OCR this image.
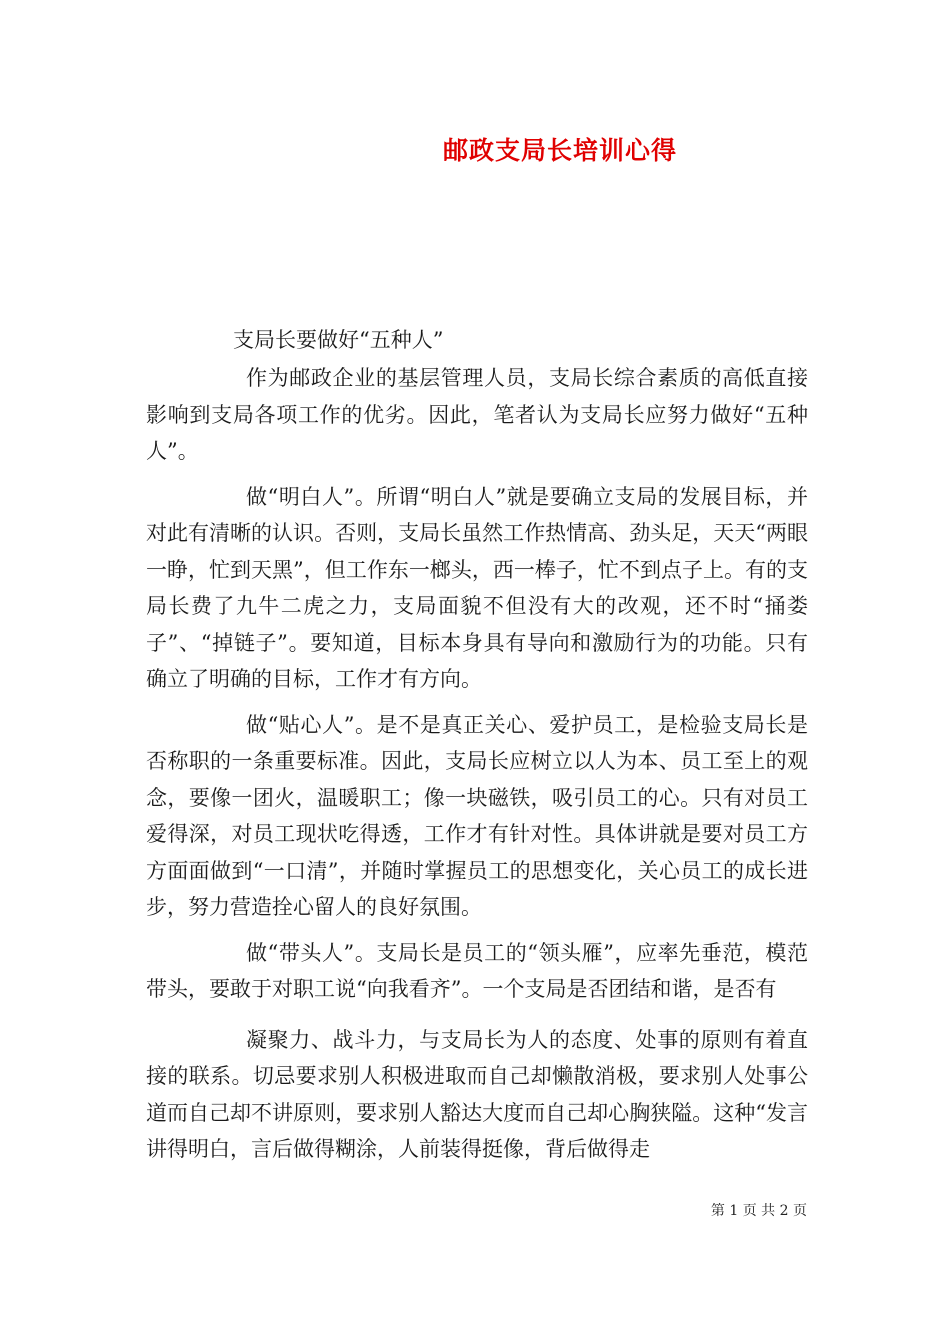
邮政支局长培训心得
支局长要做好“五种人”

作为邮政企业的基层管理人员，支局长综合素质的高低直接影响到支局各项工作的优劣。因此，笔者认为支局长应努力做好“五种人”。

做“明白人”。所谓“明白人”就是要确立支局的发展目标，并对此有清晰的认识。否则，支局长虽然工作热情高、劲头足，天天“两眼一睁，忙到天黑”，但工作东一榔头，西一棒子，忙不到点子上。有的支局长费了九牛二虎之力，支局面貌不但没有大的改观，还不时“捅娄子”、“掉链子”。要知道，目标本身具有导向和激励行为的功能。只有确立了明确的目标，工作才有方向。

做“贴心人”。是不是真正关心、爱护员工，是检验支局长是否称职的一条重要标准。因此，支局长应树立以人为本、员工至上的观念，要像一团火，温暖职工；像一块磁铁，吸引员工的心。只有对员工爱得深，对员工现状吃得透，工作才有针对性。具体讲就是要对员工方方面面做到“一口清”，并随时掌握员工的思想变化，关心员工的成长进步，努力营造拴心留人的良好氛围。

做“带头人”。支局长是员工的“领头雁”，应率先垂范，模范带头，要敢于对职工说“向我看齐”。一个支局是否团结和谐，是否有

凝聚力、战斗力，与支局长为人的态度、处事的原则有着直接的联系。切忌要求别人积极进取而自己却懒散消极，要求别人处事公道而自己却不讲原则，要求别人豁达大度而自己却心胸狭隘。这种“发言讲得明白，言后做得糊涂，人前装得挺像，背后做得走

第 1 页 共 2 页
